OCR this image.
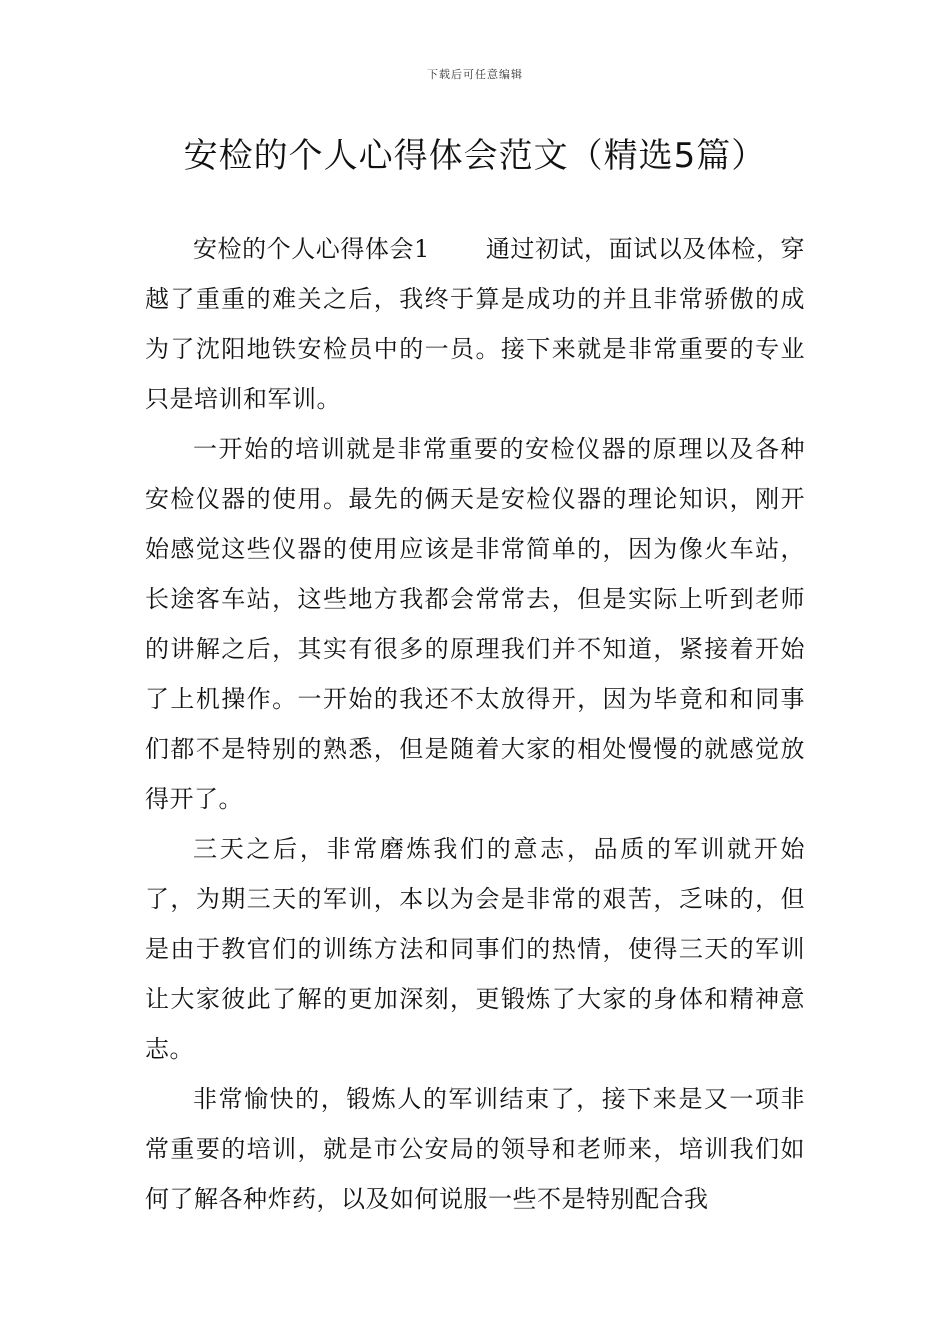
下载后可任意编辑
安检的个人心得体会范文（精选5篇）

安检的个人心得体会1 通过初试，面试以及体检，穿越了重重的难关之后，我终于算是成功的并且非常骄傲的成为了沈阳地铁安检员中的一员。接下来就是非常重要的专业只是培训和军训。

一开始的培训就是非常重要的安检仪器的原理以及各种安检仪器的使用。最先的俩天是安检仪器的理论知识，刚开始感觉这些仪器的使用应该是非常简单的，因为像火车站，长途客车站，这些地方我都会常常去，但是实际上听到老师的讲解之后，其实有很多的原理我们并不知道，紧接着开始了上机操作。一开始的我还不太放得开，因为毕竟和和同事们都不是特别的熟悉，但是随着大家的相处慢慢的就感觉放得开了。

三天之后，非常磨炼我们的意志，品质的军训就开始了，为期三天的军训，本以为会是非常的艰苦，乏味的，但是由于教官们的训练方法和同事们的热情，使得三天的军训让大家彼此了解的更加深刻，更锻炼了大家的身体和精神意志。

非常愉快的，锻炼人的军训结束了，接下来是又一项非常重要的培训，就是市公安局的领导和老师来，培训我们如何了解各种炸药，以及如何说服一些不是特别配合我
